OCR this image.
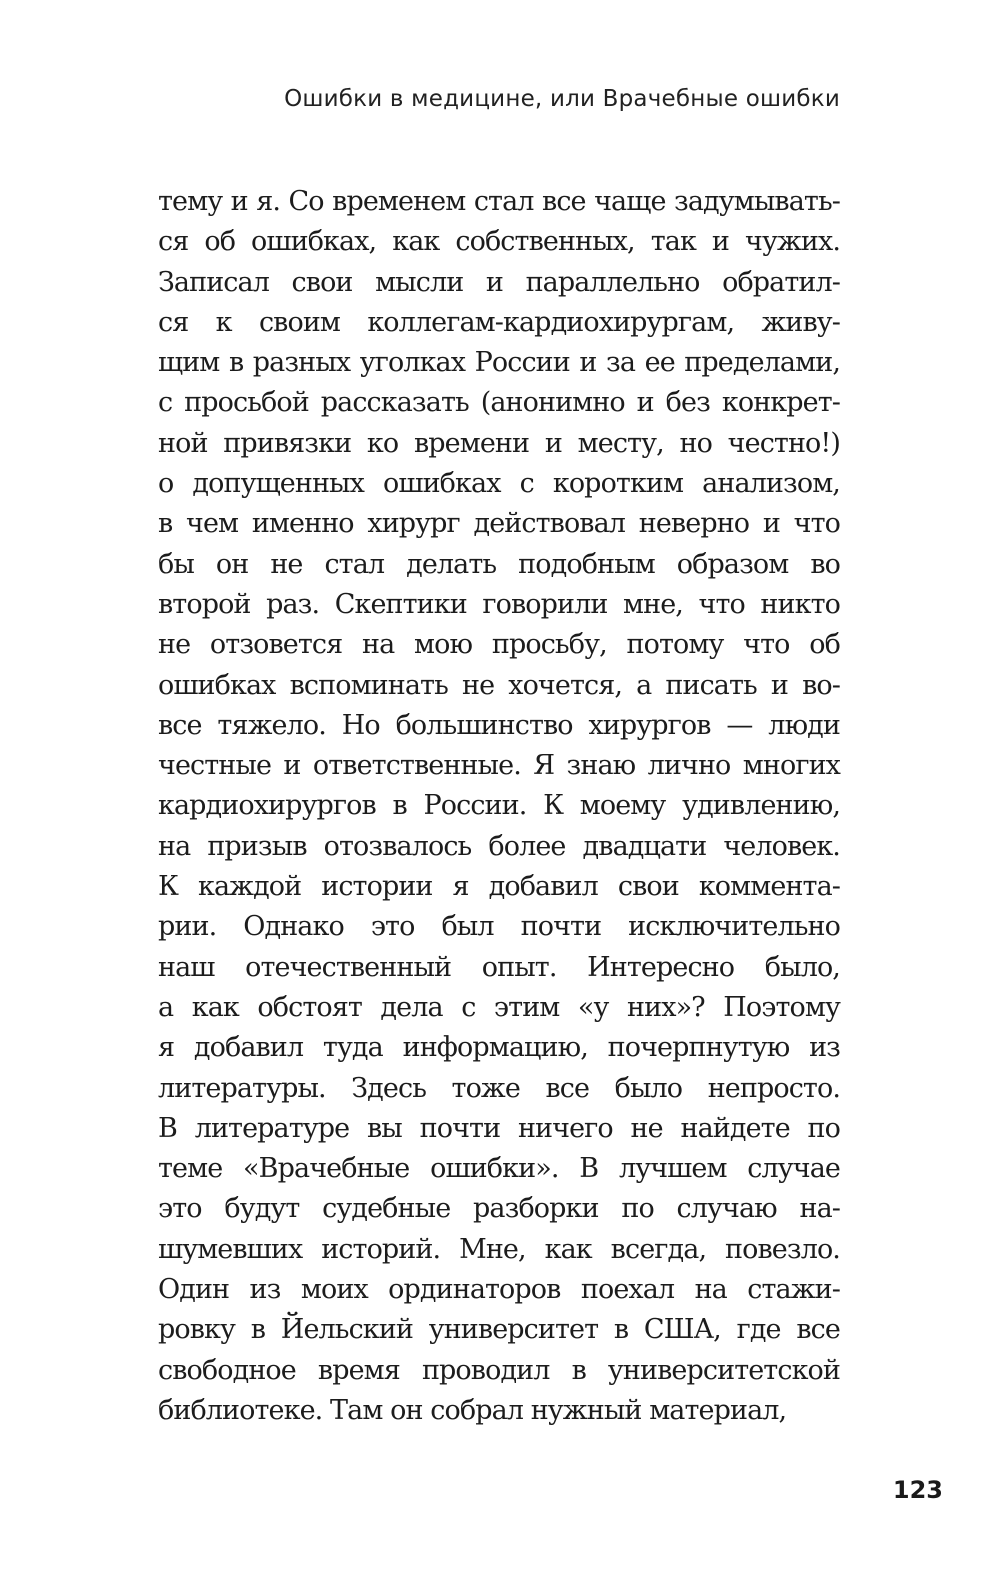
Ошибки в медицине, или Врачебные ошибки
тему и я. Со временем стал все чаще задумывать-
ся об ошибках, как собственных, так и чужих.
Записал свои мысли и параллельно обратил-
ся к своим коллегам-кардиохирургам, живу-
щим в разных уголках России и за ее пределами,
с просьбой рассказать (анонимно и без конкрет-
ной привязки ко времени и месту, но честно!)
о допущенных ошибках с коротким анализом,
в чем именно хирург действовал неверно и что
бы он не стал делать подобным образом во
второй раз. Скептики говорили мне, что никто
не отзовется на мою просьбу, потому что об
ошибках вспоминать не хочется, а писать и во-
все тяжело. Но большинство хирургов — люди
честные и ответственные. Я знаю лично многих
кардиохирургов в России. К моему удивлению,
на призыв отозвалось более двадцати человек.
К каждой истории я добавил свои коммента-
рии. Однако это был почти исключительно
наш отечественный опыт. Интересно было,
а как обстоят дела с этим «у них»? Поэтому
я добавил туда информацию, почерпнутую из
литературы. Здесь тоже все было непросто.
В литературе вы почти ничего не найдете по
теме «Врачебные ошибки». В лучшем случае
это будут судебные разборки по случаю на-
шумевших историй. Мне, как всегда, повезло.
Один из моих ординаторов поехал на стажи-
ровку в Йельский университет в США, где все
свободное время проводил в университетской
библиотеке. Там он собрал нужный материал,
123
